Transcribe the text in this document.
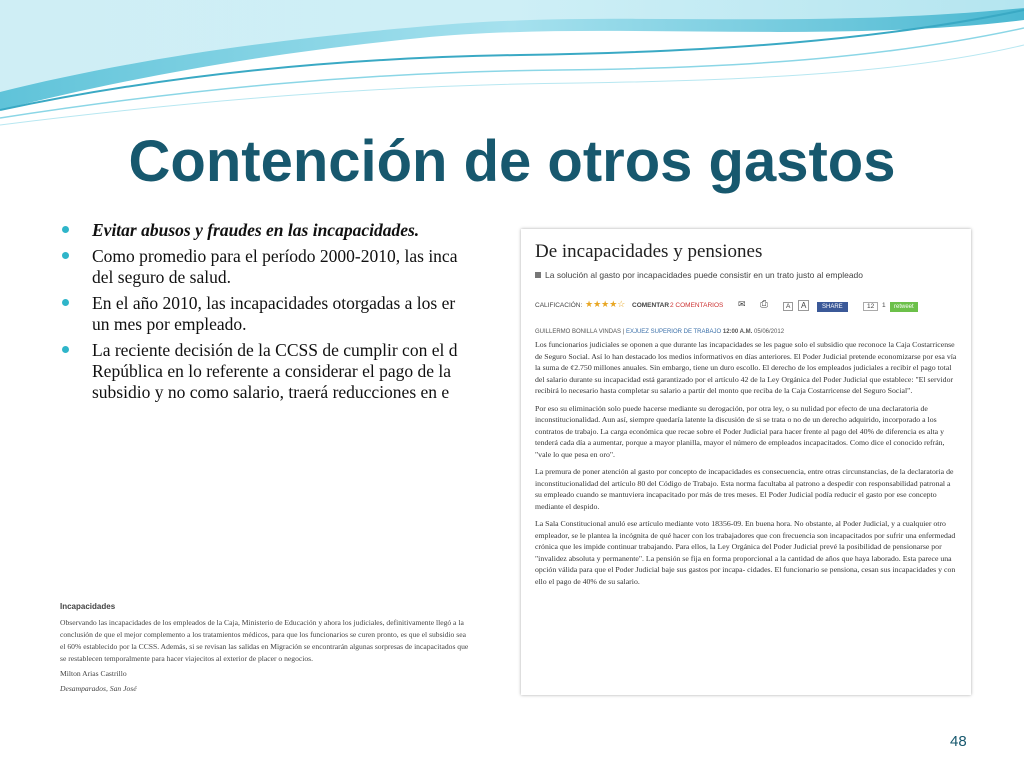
Contención de otros gastos
Evitar abusos y fraudes en las incapacidades.
Como promedio para el período 2000-2010, las inca
del seguro de salud.
En el año 2010, las incapacidades otorgadas a los er
un mes por empleado.
La reciente decisión de la CCSS de cumplir con el d
República en lo referente a considerar el pago de la
subsidio y no como salario, traerá reducciones en e
De incapacidades y pensiones
La solución al gasto por incapacidades puede consistir en un trato justo al empleado
CALIFICACIÓN: ★★★★☆ COMENTAR 2 COMENTARIOS ✉ ⎙	A	A	SHARE	12	1	retweet
GUILLERMO BONILLA VINDAS | EXJUEZ SUPERIOR DE TRABAJO 12:00 A.M. 05/06/2012

Los funcionarios judiciales se oponen a que durante las incapacidades se les pague solo el subsidio que reconoce la Caja Costarricense de Seguro Social. Así lo han destacado los medios informativos en días anteriores. El Poder Judicial pretende economizarse por esa vía la suma de ¢2.750 millones anuales. Sin embargo, tiene un duro escollo. El derecho de los empleados judiciales a recibir el pago total del salario durante su incapacidad está garantizado por el artículo 42 de la Ley Orgánica del Poder Judicial que establece: "El servidor recibirá lo necesario hasta completar su salario a partir del monto que reciba de la Caja Costarricense del Seguro Social".

Por eso su eliminación solo puede hacerse mediante su derogación, por otra ley, o su nulidad por efecto de una declaratoria de inconstitucionalidad. Aun así, siempre quedaría latente la discusión de si se trata o no de un derecho adquirido, incorporado a los contratos de trabajo. La carga económica que recae sobre el Poder Judicial para hacer frente al pago del 40% de diferencia es alta y tenderá cada día a aumentar, porque a mayor planilla, mayor el número de empleados incapacitados. Como dice el conocido refrán, "vale lo que pesa en oro".

La premura de poner atención al gasto por concepto de incapacidades es consecuencia, entre otras circunstancias, de la declaratoria de inconstitucionalidad del artículo 80 del Código de Trabajo. Esta norma facultaba al patrono a despedir con responsabilidad patronal a su empleado cuando se mantuviera incapacitado por más de tres meses. El Poder Judicial podía reducir el gasto por ese concepto mediante el despido.

La Sala Constitucional anuló ese artículo mediante voto 18356-09. En buena hora. No obstante, al Poder Judicial, y a cualquier otro empleador, se le plantea la incógnita de qué hacer con los trabajadores que con frecuencia son incapacitados por sufrir una enfermedad crónica que les impide continuar trabajando. Para ellos, la Ley Orgánica del Poder Judicial prevé la posibilidad de pensionarse por "invalidez absoluta y permanente". La pensión se fija en forma proporcional a la cantidad de años que haya laborado. Esta parece una opción válida para que el Poder Judicial baje sus gastos por incapa- cidades. El funcionario se pensiona, cesan sus incapacidades y con ello el pago de 40% de su salario.

Incapacidades
Observando las incapacidades de los empleados de la Caja, Ministerio de Educación y ahora los judiciales, definitivamente llegó a la conclusión de que el mejor complemento a los tratamientos médicos, para que los funcionarios se curen pronto, es que el subsidio sea el 60% establecido por la CCSS. Además, si se revisan las salidas en Migración se encontrarán algunas sorpresas de incapacitados que se restablecen temporalmente para hacer viajecitos al exterior de placer o negocios.
Milton Arias Castrillo
Desamparados, San José
48
